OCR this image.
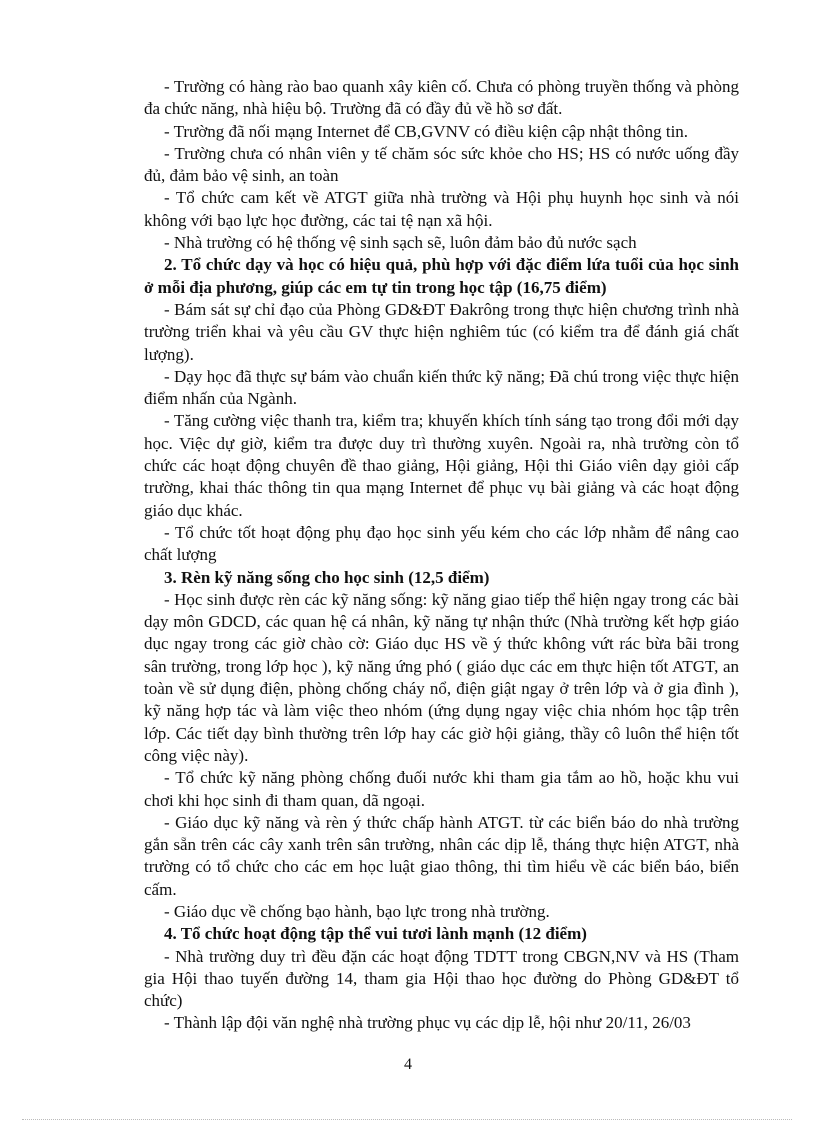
- Trường có hàng rào bao quanh xây kiên cố. Chưa có phòng truyền thống và phòng đa chức năng, nhà hiệu bộ. Trường đã có đầy đủ về hồ sơ đất.

- Trường đã nối mạng Internet để CB,GVNV có điều kiện cập nhật thông tin.

- Trường chưa có nhân viên y tế chăm sóc sức khỏe cho HS; HS có nước uống đầy đủ, đảm bảo vệ sinh, an toàn

- Tổ chức cam kết về ATGT giữa nhà trường và Hội phụ huynh học sinh và nói không với bạo lực học đường, các tai tệ nạn xã hội.

- Nhà trường có hệ thống vệ sinh sạch sẽ, luôn đảm bảo đủ nước sạch

2. Tổ chức dạy và học có hiệu quả, phù hợp với đặc điểm lứa tuổi của học sinh ở mỗi địa phương, giúp các em tự tin trong học tập (16,75 điểm)

- Bám sát sự chỉ đạo của Phòng GD&ĐT Đakrông trong thực hiện chương trình nhà trường triển khai và yêu cầu GV thực hiện nghiêm túc (có kiểm tra để đánh giá chất lượng).

- Dạy học đã thực sự bám vào chuẩn kiến thức kỹ năng; Đã chú trong việc thực hiện điểm nhấn của Ngành.

- Tăng cường việc thanh tra, kiểm tra; khuyến khích tính sáng tạo trong đổi mới dạy học. Việc dự giờ, kiểm tra được duy trì thường xuyên. Ngoài ra, nhà trường còn tổ chức các hoạt động chuyên đề thao giảng, Hội giảng, Hội thi Giáo viên dạy giỏi cấp trường, khai thác thông tin qua mạng Internet để phục vụ bài giảng và các hoạt động giáo dục khác.

- Tổ chức tốt hoạt động phụ đạo học sinh yếu kém cho các lớp nhằm để nâng cao chất lượng

3. Rèn kỹ năng sống cho học sinh (12,5 điểm)

- Học sinh được rèn các kỹ năng sống: kỹ năng giao tiếp thể hiện ngay trong các bài dạy môn GDCD, các quan hệ cá nhân, kỹ năng tự nhận thức (Nhà trường kết hợp giáo dục ngay trong các giờ chào cờ: Giáo dục HS về ý thức không vứt rác bừa bãi trong sân trường, trong lớp học ), kỹ năng ứng phó ( giáo dục các em thực hiện tốt ATGT, an toàn về sử dụng điện, phòng chống cháy nổ, điện giật ngay ở trên lớp và ở gia đình ), kỹ năng hợp tác và làm việc theo nhóm (ứng dụng ngay việc chia nhóm học tập trên lớp. Các tiết dạy bình thường trên lớp hay các giờ hội giảng, thầy cô luôn thể hiện tốt công việc này).

- Tổ chức kỹ năng phòng chống đuối nước khi tham gia tắm ao hồ, hoặc khu vui chơi khi học sinh đi tham quan, dã ngoại.

- Giáo dục kỹ năng và rèn ý thức chấp hành ATGT. từ các biển báo do nhà trường gắn sẵn trên các cây xanh trên sân trường, nhân các dịp lễ, tháng thực hiện ATGT, nhà trường có tổ chức cho các em học luật giao thông, thi tìm hiểu về các biển báo, biển cấm.

- Giáo dục về chống bạo hành, bạo lực trong nhà trường.

4. Tổ chức hoạt động tập thể vui tươi lành mạnh (12 điểm)

- Nhà trường duy trì đều đặn các hoạt động TDTT trong CBGN,NV và HS (Tham gia Hội thao tuyến đường 14, tham gia Hội thao học đường do Phòng GD&ĐT tổ chức)

- Thành lập đội văn nghệ nhà trường phục vụ các dịp lễ, hội như 20/11, 26/03

4
